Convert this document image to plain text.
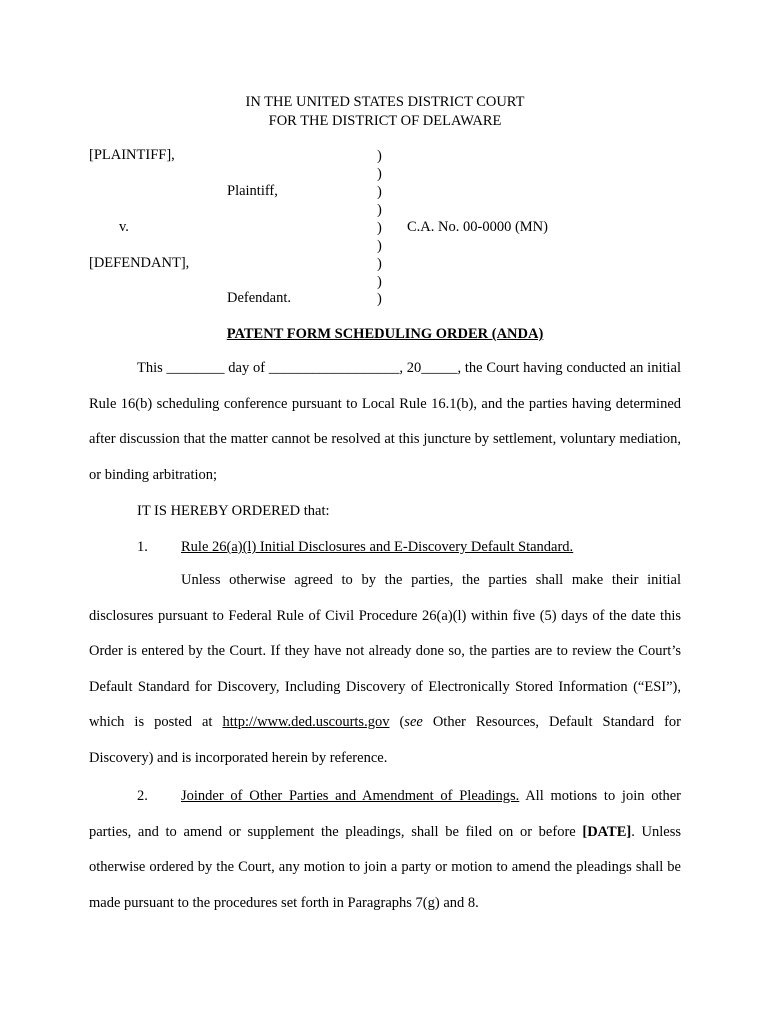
IN THE UNITED STATES DISTRICT COURT
FOR THE DISTRICT OF DELAWARE
[PLAINTIFF],
Plaintiff,
v.
[DEFENDANT],
Defendant.
C.A. No. 00-0000 (MN)
)
)
)
)
)
)
)
)
)
PATENT FORM SCHEDULING ORDER (ANDA)
This ________ day of __________________, 20_____, the Court having conducted an initial Rule 16(b) scheduling conference pursuant to Local Rule 16.1(b), and the parties having determined after discussion that the matter cannot be resolved at this juncture by settlement, voluntary mediation, or binding arbitration;
IT IS HEREBY ORDERED that:
1. Rule 26(a)(l) Initial Disclosures and E-Discovery Default Standard.
Unless otherwise agreed to by the parties, the parties shall make their initial disclosures pursuant to Federal Rule of Civil Procedure 26(a)(l) within five (5) days of the date this Order is entered by the Court. If they have not already done so, the parties are to review the Court’s Default Standard for Discovery, Including Discovery of Electronically Stored Information (“ESI”), which is posted at http://www.ded.uscourts.gov (see Other Resources, Default Standard for Discovery) and is incorporated herein by reference.
2. Joinder of Other Parties and Amendment of Pleadings. All motions to join other parties, and to amend or supplement the pleadings, shall be filed on or before [DATE]. Unless otherwise ordered by the Court, any motion to join a party or motion to amend the pleadings shall be made pursuant to the procedures set forth in Paragraphs 7(g) and 8.
